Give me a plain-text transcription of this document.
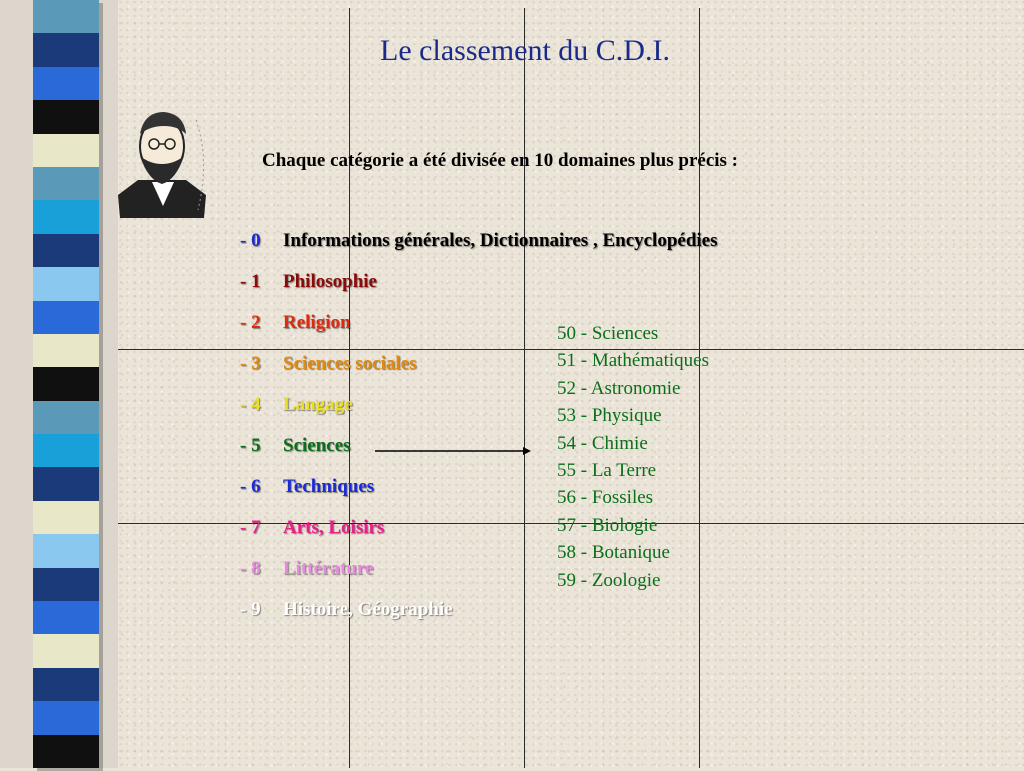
Le classement du C.D.I.
Chaque catégorie a été divisée en 10 domaines plus précis :
- 0 Informations générales, Dictionnaires , Encyclopédies
- 1 Philosophie
- 2 Religion
- 3 Sciences sociales
- 4 Langage
- 5 Sciences
- 6 Techniques
- 7 Arts, Loisirs
- 8 Littérature
- 9 Histoire, Géographie
50 - Sciences
51 - Mathématiques
52 - Astronomie
53 - Physique
54 - Chimie
55 - La Terre
56 - Fossiles
57 - Biologie
58 - Botanique
59 - Zoologie
